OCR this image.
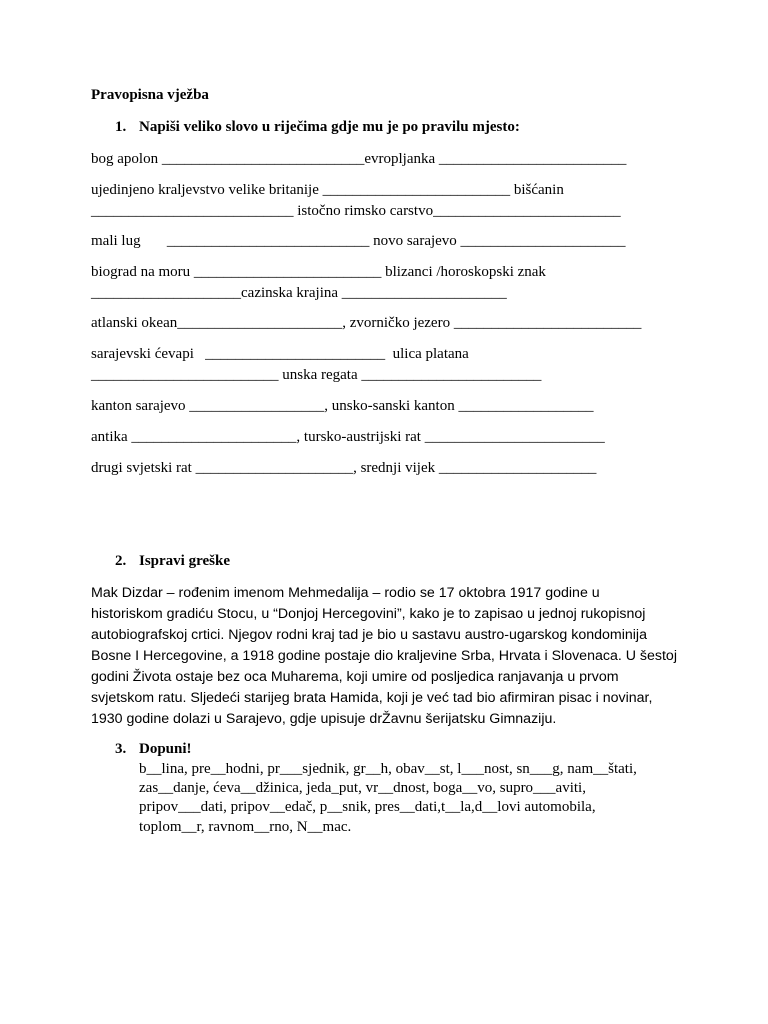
Pravopisna vježba
1. Napiši veliko slovo u riječima gdje mu je po pravilu mjesto:
bog apolon ___________________________evropljanka _________________________
ujedinjeno kraljevstvo velike britanije _________________________ bišćanin
___________________________ istočno rimsko carstvo_________________________
mali lug       ___________________________ novo sarajevo ______________________
biograd na moru _________________________ blizanci /horoskopski znak
____________________cazinska krajina ______________________
atlanski okean______________________, zvorničko jezero _________________________
sarajevski ćevapi   ________________________  ulica platana
_________________________ unska regata ________________________
kanton sarajevo __________________, unsko-sanski kanton __________________
antika ______________________, tursko-austrijski rat ________________________
drugi svjetski rat _____________________, srednji vijek _____________________
2. Ispravi greške
Mak Dizdar – rođenim imenom Mehmedalija – rodio se 17 oktobra 1917 godine u
historiskom gradiću Stocu, u “Donjoj Hercegovini”, kako je to zapisao u jednoj rukopisnoj
autobiografskoj crtici. Njegov rodni kraj tad je bio u sastavu austro-ugarskog kondominija
Bosne I Hercegovine, a 1918 godine postaje dio kraljevine Srba, Hrvata i Slovenaca. U šestoj
godini Života ostaje bez oca Muharema, koji umire od posljedica ranjavanja u prvom
svjetskom ratu. Sljedeći starijeg brata Hamida, koji je već tad bio afirmiran pisac i novinar,
1930 godine dolazi u Sarajevo, gdje upisuje drŽavnu šerijatsku Gimnaziju.
3. Dopuni!
b__lina, pre__hodni, pr___sjednik, gr__h, obav__st, l___nost, sn___g, nam__štati,
zas__danje, ćeva__džinica, jeda_put, vr__dnost, boga__vo, supro___aviti,
pripov___dati, pripov__edač, p__snik, pres__dati,t__la,d__lovi automobila,
toplom__r, ravnom__rno, N__mac.
